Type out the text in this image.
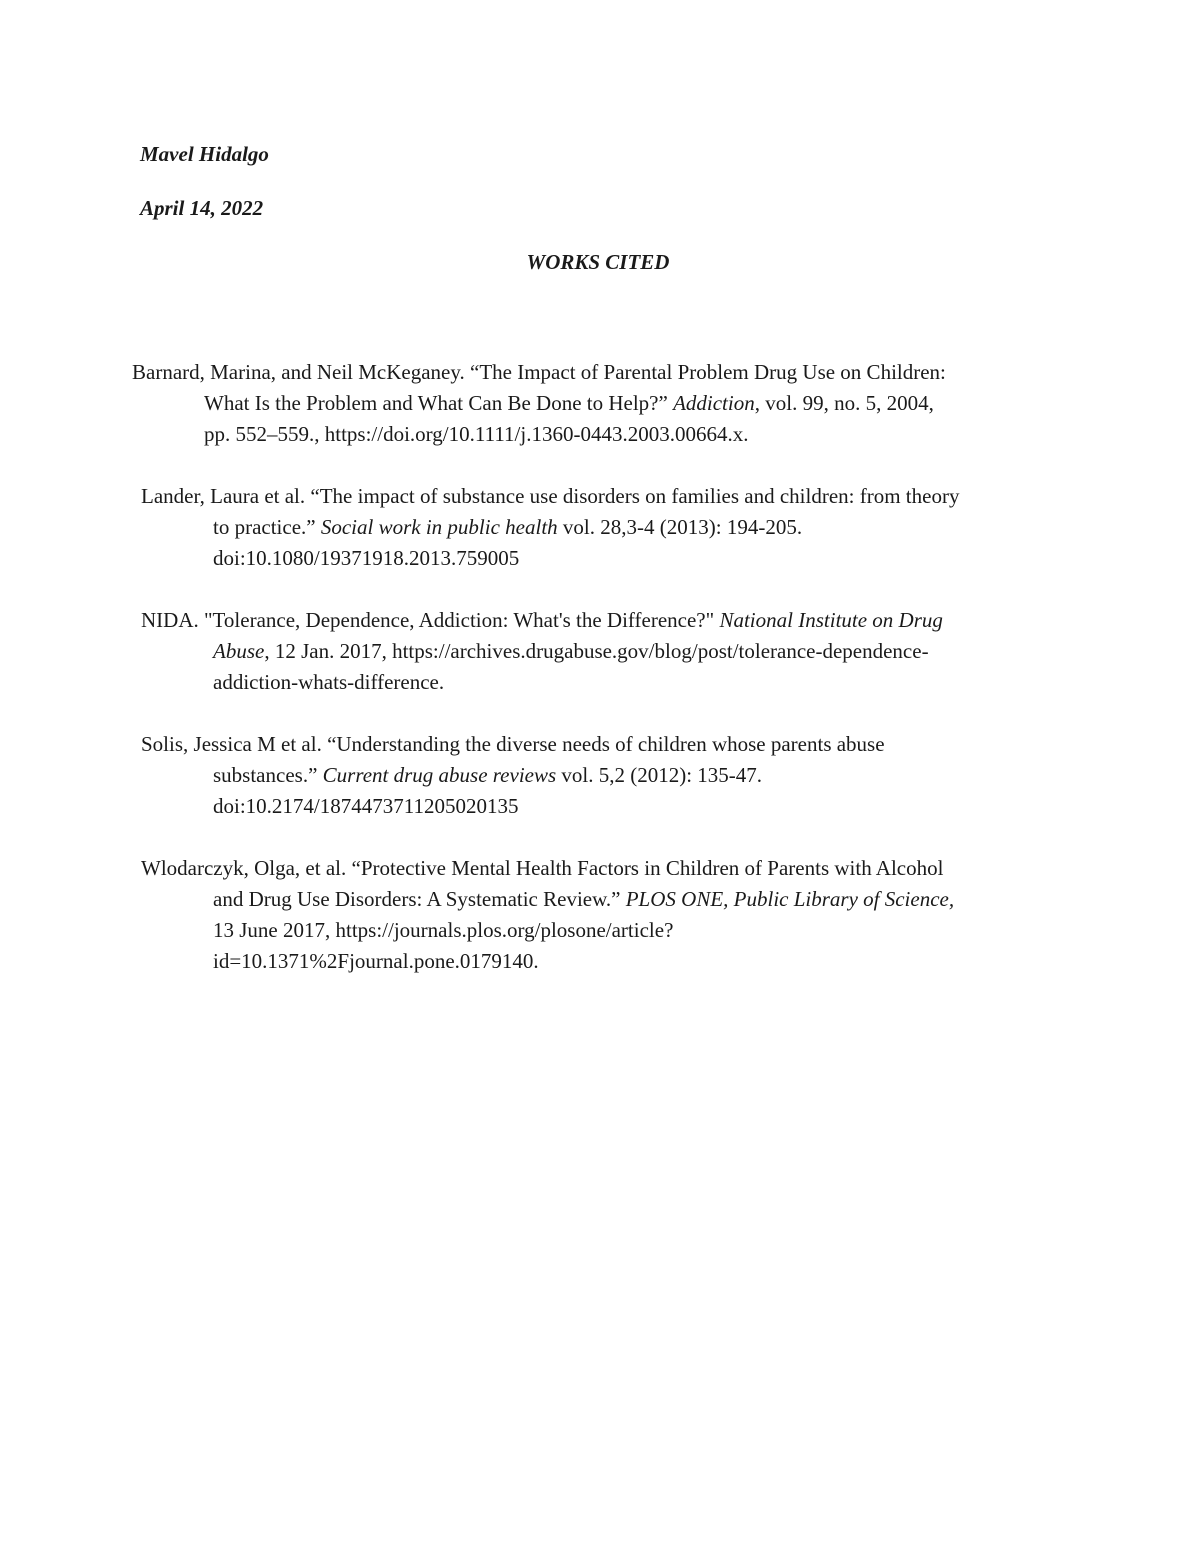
Mavel Hidalgo
April 14, 2022
WORKS CITED
Barnard, Marina, and Neil McKeganey. “The Impact of Parental Problem Drug Use on Children:
What Is the Problem and What Can Be Done to Help?” Addiction, vol. 99, no. 5, 2004,
pp. 552–559., https://doi.org/10.1111/j.1360-0443.2003.00664.x.
Lander, Laura et al. “The impact of substance use disorders on families and children: from theory
to practice.” Social work in public health vol. 28,3-4 (2013): 194-205.
doi:10.1080/19371918.2013.759005
NIDA. "Tolerance, Dependence, Addiction: What's the Difference?" National Institute on Drug
Abuse, 12 Jan. 2017, https://archives.drugabuse.gov/blog/post/tolerance-dependence-
addiction-whats-difference.
Solis, Jessica M et al. “Understanding the diverse needs of children whose parents abuse
substances.” Current drug abuse reviews vol. 5,2 (2012): 135-47.
doi:10.2174/1874473711205020135
Wlodarczyk, Olga, et al. “Protective Mental Health Factors in Children of Parents with Alcohol
and Drug Use Disorders: A Systematic Review.” PLOS ONE, Public Library of Science,
13 June 2017, https://journals.plos.org/plosone/article?
id=10.1371%2Fjournal.pone.0179140.
